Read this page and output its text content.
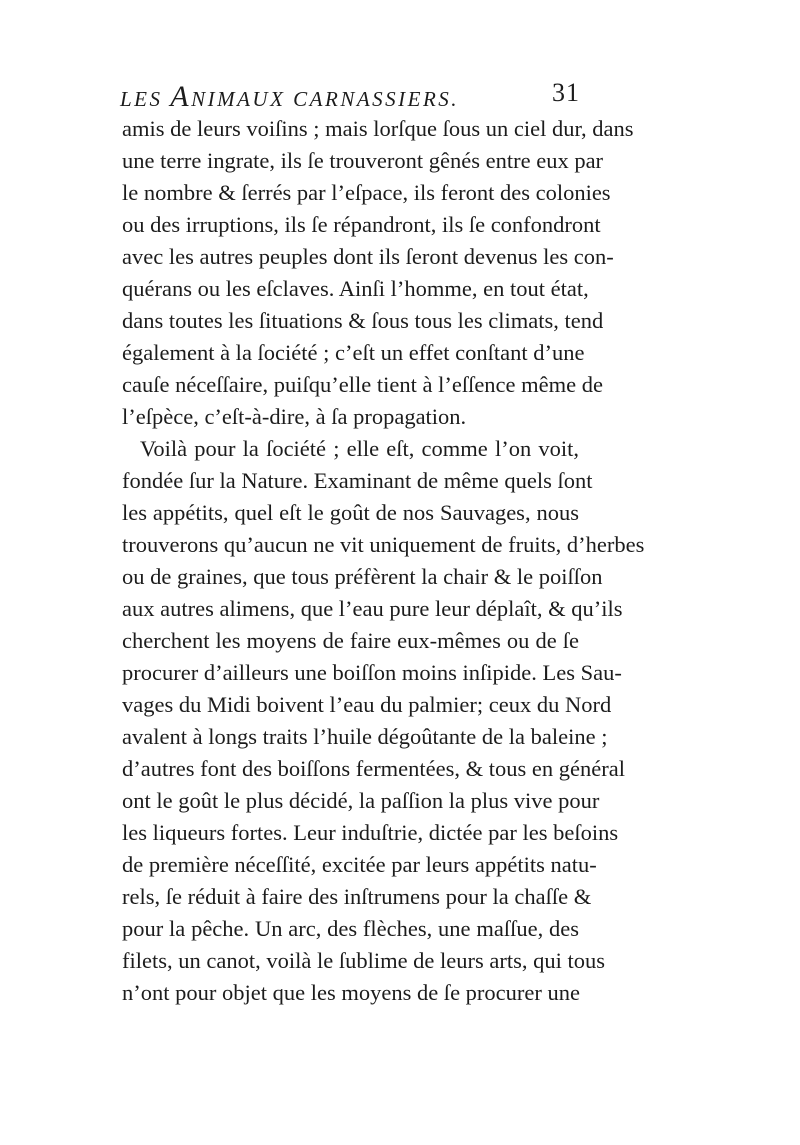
LES ANIMAUX CARNASSIERS.	31
amis de leurs voiſins ; mais lorſque ſous un ciel dur, dans
une terre ingrate, ils ſe trouveront gênés entre eux par
le nombre & ſerrés par l’eſpace, ils feront des colonies
ou des irruptions, ils ſe répandront, ils ſe confondront
avec les autres peuples dont ils ſeront devenus les con-
quérans ou les eſclaves. Ainſi l’homme, en tout état,
dans toutes les ſituations & ſous tous les climats, tend
également à la ſociété ; c’eſt un effet conſtant d’une
cauſe néceſſaire, puiſqu’elle tient à l’eſſence même de
l’eſpèce, c’eſt-à-dire, à ſa propagation.
Voilà pour la ſociété ; elle eſt, comme l’on voit,
fondée ſur la Nature. Examinant de même quels ſont
les appétits, quel eſt le goût de nos Sauvages, nous
trouverons qu’aucun ne vit uniquement de fruits, d’herbes
ou de graines, que tous préfèrent la chair & le poiſſon
aux autres alimens, que l’eau pure leur déplaît, & qu’ils
cherchent les moyens de faire eux-mêmes ou de ſe
procurer d’ailleurs une boiſſon moins inſipide. Les Sau-
vages du Midi boivent l’eau du palmier; ceux du Nord
avalent à longs traits l’huile dégoûtante de la baleine ;
d’autres font des boiſſons fermentées, & tous en général
ont le goût le plus décidé, la paſſion la plus vive pour
les liqueurs fortes. Leur induſtrie, dictée par les beſoins
de première néceſſité, excitée par leurs appétits natu-
rels, ſe réduit à faire des inſtrumens pour la chaſſe &
pour la pêche. Un arc, des flèches, une maſſue, des
filets, un canot, voilà le ſublime de leurs arts, qui tous
n’ont pour objet que les moyens de ſe procurer une
